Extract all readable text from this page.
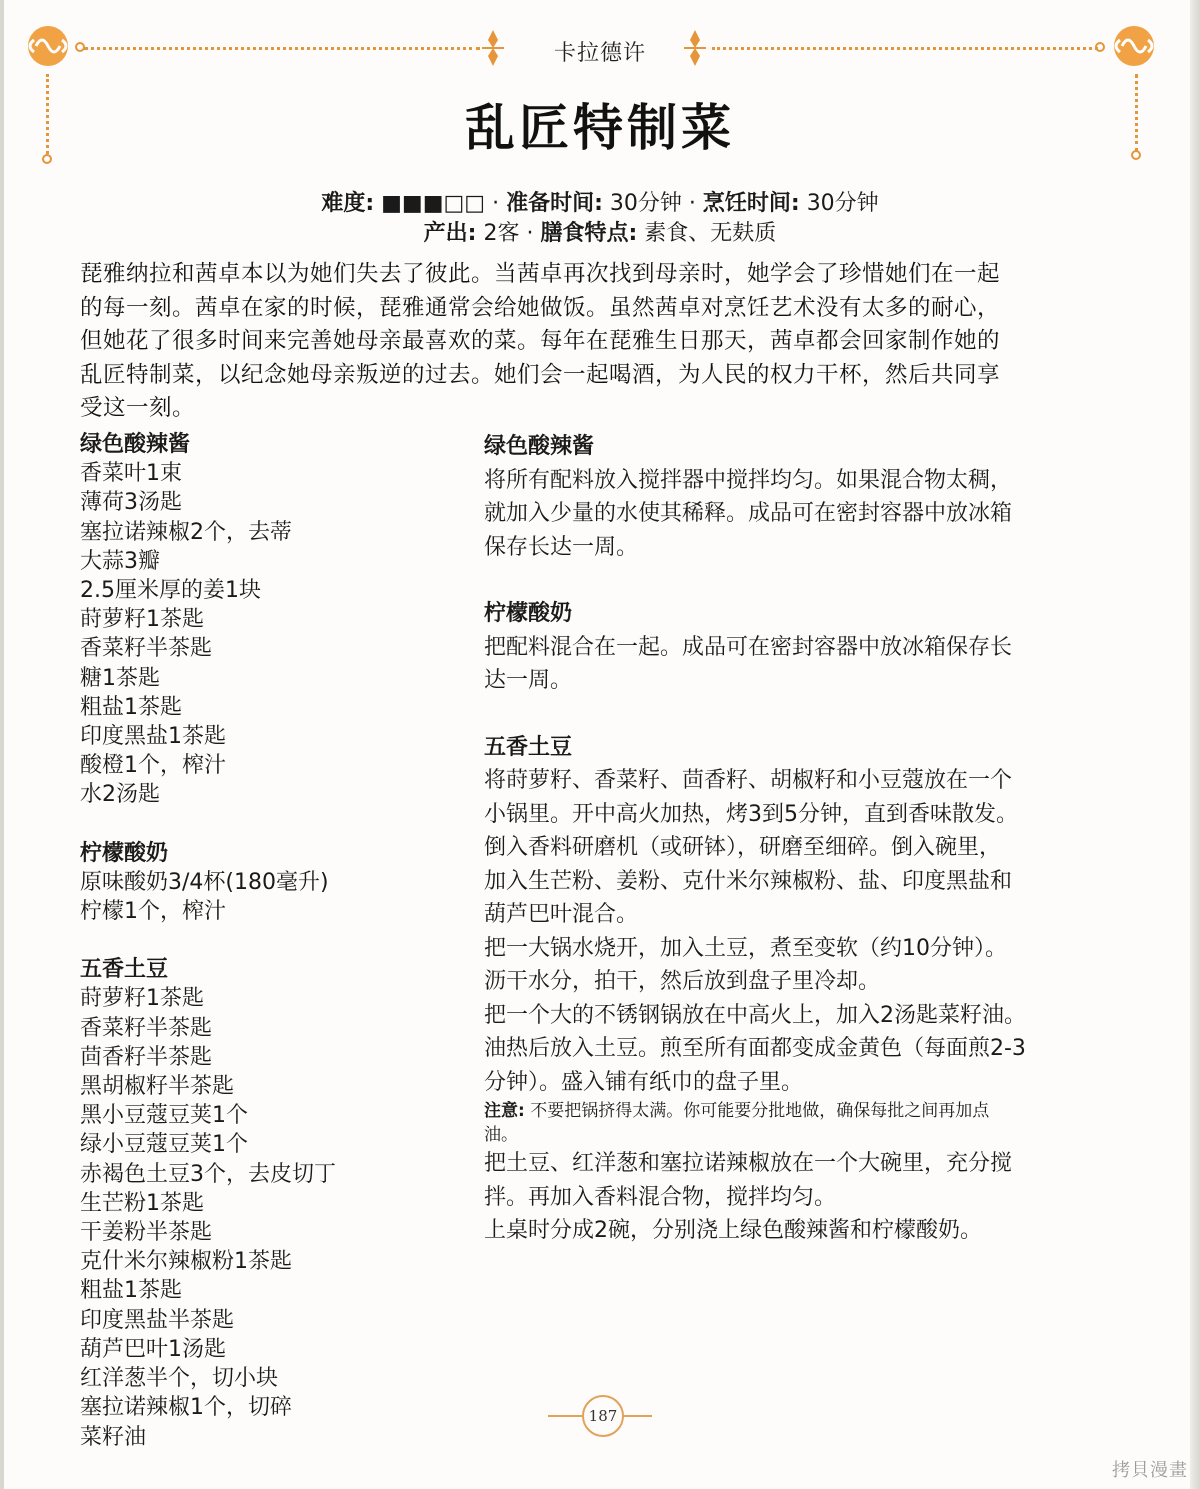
卡拉德许
乱匠特制菜
难度: ■■■□□ · 准备时间: 30分钟 · 烹饪时间: 30分钟
产出: 2客 · 膳食特点: 素食、无麸质
琵雅纳拉和茜卓本以为她们失去了彼此。当茜卓再次找到母亲时，她学会了珍惜她们在一起
的每一刻。茜卓在家的时候，琵雅通常会给她做饭。虽然茜卓对烹饪艺术没有太多的耐心，
但她花了很多时间来完善她母亲最喜欢的菜。每年在琵雅生日那天，茜卓都会回家制作她的
乱匠特制菜，以纪念她母亲叛逆的过去。她们会一起喝酒，为人民的权力干杯，然后共同享
受这一刻。
绿色酸辣酱
香菜叶1束
薄荷3汤匙
塞拉诺辣椒2个，去蒂
大蒜3瓣
2.5厘米厚的姜1块
莳萝籽1茶匙
香菜籽半茶匙
糖1茶匙
粗盐1茶匙
印度黑盐1茶匙
酸橙1个，榨汁
水2汤匙
柠檬酸奶
原味酸奶3/4杯(180毫升)
柠檬1个，榨汁
五香土豆
莳萝籽1茶匙
香菜籽半茶匙
茴香籽半茶匙
黑胡椒籽半茶匙
黑小豆蔻豆荚1个
绿小豆蔻豆荚1个
赤褐色土豆3个，去皮切丁
生芒粉1茶匙
干姜粉半茶匙
克什米尔辣椒粉1茶匙
粗盐1茶匙
印度黑盐半茶匙
葫芦巴叶1汤匙
红洋葱半个，切小块
塞拉诺辣椒1个，切碎
菜籽油
绿色酸辣酱
将所有配料放入搅拌器中搅拌均匀。如果混合物太稠，
就加入少量的水使其稀释。成品可在密封容器中放冰箱
保存长达一周。
柠檬酸奶
把配料混合在一起。成品可在密封容器中放冰箱保存长
达一周。
五香土豆
将莳萝籽、香菜籽、茴香籽、胡椒籽和小豆蔻放在一个
小锅里。开中高火加热，烤3到5分钟，直到香味散发。
倒入香料研磨机（或研钵），研磨至细碎。倒入碗里，
加入生芒粉、姜粉、克什米尔辣椒粉、盐、印度黑盐和
葫芦巴叶混合。
把一大锅水烧开，加入土豆，煮至变软（约10分钟）。
沥干水分，拍干，然后放到盘子里冷却。
把一个大的不锈钢锅放在中高火上，加入2汤匙菜籽油。
油热后放入土豆。煎至所有面都变成金黄色（每面煎2-3
分钟）。盛入铺有纸巾的盘子里。
注意: 不要把锅挤得太满。你可能要分批地做，确保每批之间再加点
油。
把土豆、红洋葱和塞拉诺辣椒放在一个大碗里，充分搅
拌。再加入香料混合物，搅拌均匀。
上桌时分成2碗，分别浇上绿色酸辣酱和柠檬酸奶。
187
拷貝漫畫
